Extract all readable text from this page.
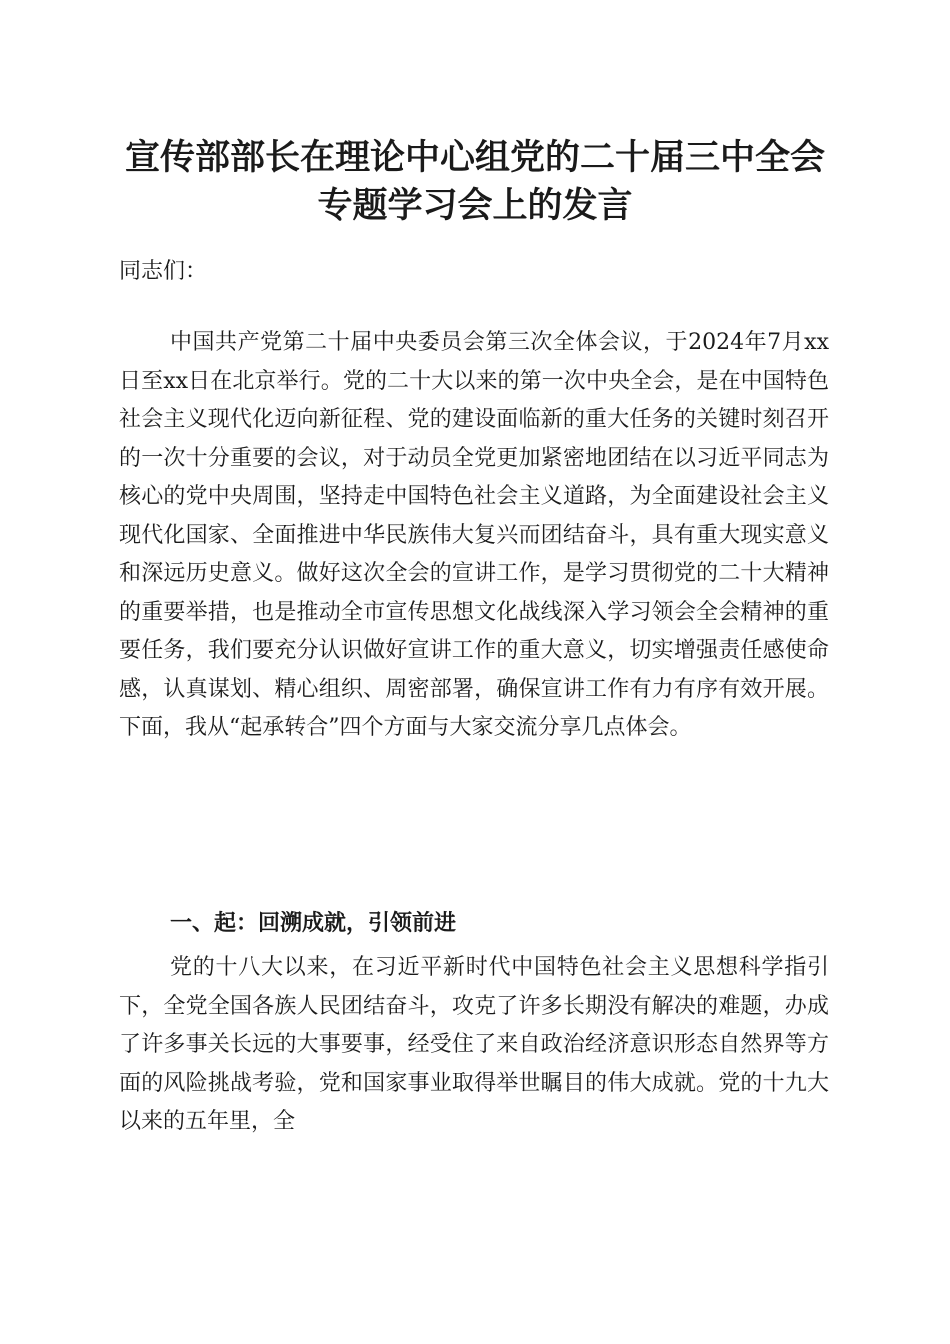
宣传部部长在理论中心组党的二十届三中全会
专题学习会上的发言
同志们：
中国共产党第二十届中央委员会第三次全体会议，于2024年7月xx日至xx日在北京举行。党的二十大以来的第一次中央全会，是在中国特色社会主义现代化迈向新征程、党的建设面临新的重大任务的关键时刻召开的一次十分重要的会议，对于动员全党更加紧密地团结在以习近平同志为核心的党中央周围，坚持走中国特色社会主义道路，为全面建设社会主义现代化国家、全面推进中华民族伟大复兴而团结奋斗，具有重大现实意义和深远历史意义。做好这次全会的宣讲工作，是学习贯彻党的二十大精神的重要举措，也是推动全市宣传思想文化战线深入学习领会全会精神的重要任务，我们要充分认识做好宣讲工作的重大意义，切实增强责任感使命感，认真谋划、精心组织、周密部署，确保宣讲工作有力有序有效开展。下面，我从“起承转合”四个方面与大家交流分享几点体会。
一、起：回溯成就，引领前进
党的十八大以来，在习近平新时代中国特色社会主义思想科学指引下，全党全国各族人民团结奋斗，攻克了许多长期没有解决的难题，办成了许多事关长远的大事要事，经受住了来自政治经济意识形态自然界等方面的风险挑战考验，党和国家事业取得举世瞩目的伟大成就。党的十九大以来的五年里，全
